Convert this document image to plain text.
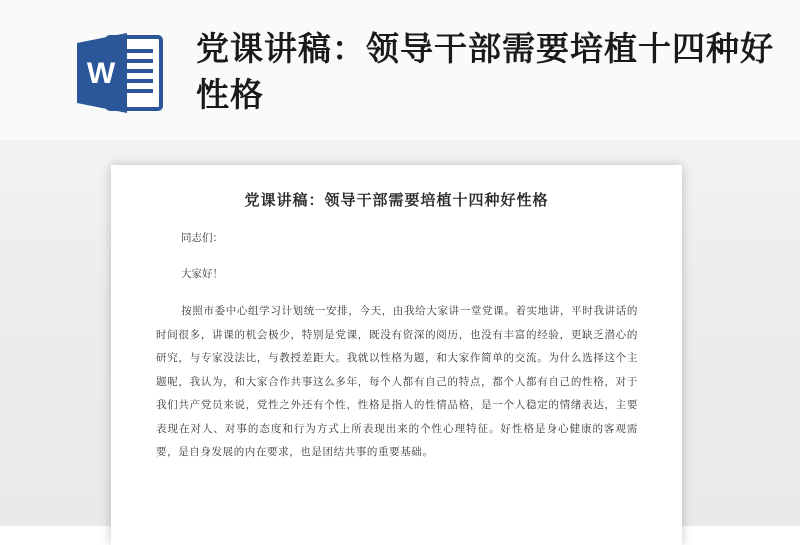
W
党课讲稿：领导干部需要培植十四种好性格
党课讲稿：领导干部需要培植十四种好性格
同志们：
大家好！

按照市委中心组学习计划统一安排，今天，由我给大家讲一堂党课。着实地讲，平时我讲话的时间很多，讲课的机会极少，特别是党课，既没有资深的阅历，也没有丰富的经验，更缺乏潜心的研究，与专家没法比，与教授差距大。我就以性格为题，和大家作简单的交流。为什么选择这个主题呢，我认为，和大家合作共事这么多年，每个人都有自己的特点，都个人都有自己的性格，对于我们共产党员来说，党性之外还有个性，性格是指人的性情品格，是一个人稳定的情绪表达，主要表现在对人、对事的态度和行为方式上所表现出来的个性心理特征。好性格是身心健康的客观需要，是自身发展的内在要求，也是团结共事的重要基础。
